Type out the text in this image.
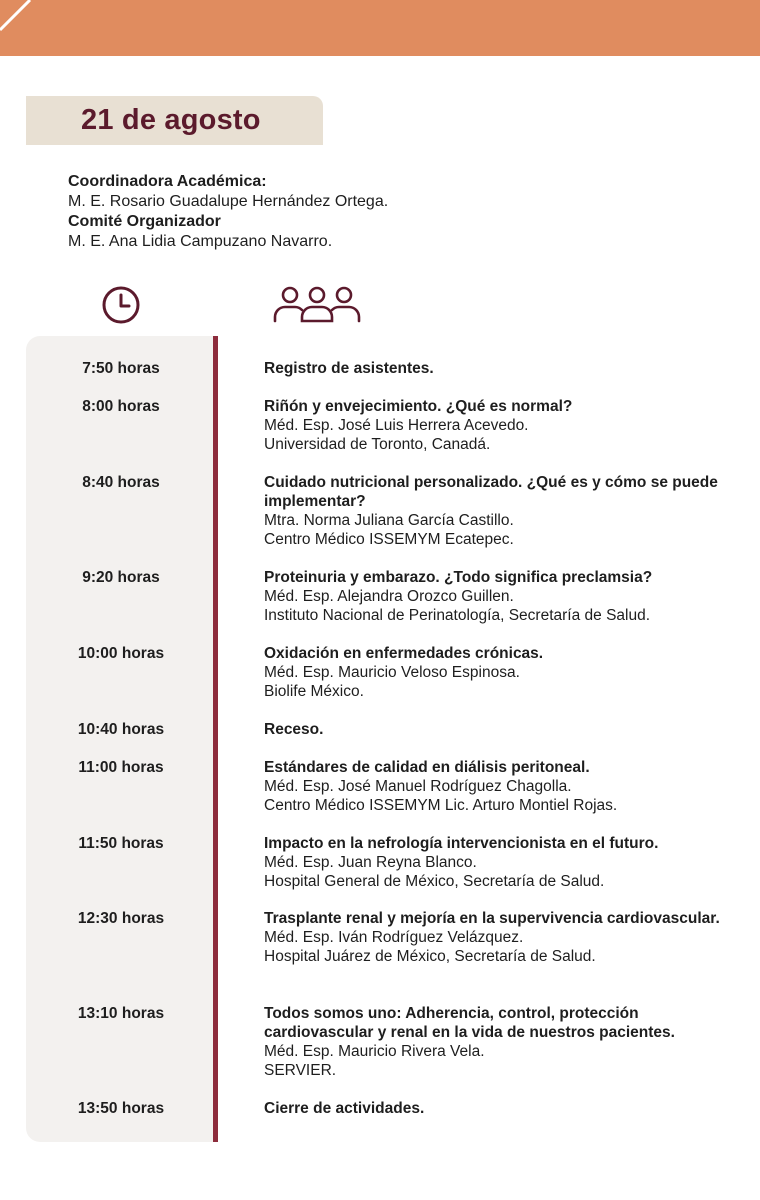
21 de agosto
Coordinadora Académica:
M. E. Rosario Guadalupe Hernández Ortega.
Comité Organizador
M. E. Ana Lidia Campuzano Navarro.
7:50 horas	Registro de asistentes.
8:00 horas	Riñón y envejecimiento. ¿Qué es normal?
Méd. Esp. José Luis Herrera Acevedo.
Universidad de Toronto, Canadá.
8:40 horas	Cuidado nutricional personalizado. ¿Qué es y cómo se puede implementar?
Mtra. Norma Juliana García Castillo.
Centro Médico ISSEMYM Ecatepec.
9:20 horas	Proteinuria y embarazo. ¿Todo significa preclamsia?
Méd. Esp. Alejandra Orozco Guillen.
Instituto Nacional de Perinatología, Secretaría de Salud.
10:00 horas	Oxidación en enfermedades crónicas.
Méd. Esp. Mauricio Veloso Espinosa.
Biolife México.
10:40 horas	Receso.
11:00 horas	Estándares de calidad en diálisis peritoneal.
Méd. Esp. José Manuel Rodríguez Chagolla.
Centro Médico ISSEMYM Lic. Arturo Montiel Rojas.
11:50 horas	Impacto en la nefrología intervencionista en el futuro.
Méd. Esp. Juan Reyna Blanco.
Hospital General de México, Secretaría de Salud.
12:30 horas	Trasplante renal y mejoría en la supervivencia cardiovascular.
Méd. Esp. Iván Rodríguez Velázquez.
Hospital Juárez de México, Secretaría de Salud.
13:10 horas	Todos somos uno: Adherencia, control, protección cardiovascular y renal en la vida de nuestros pacientes.
Méd. Esp. Mauricio Rivera Vela.
SERVIER.
13:50 horas	Cierre de actividades.
